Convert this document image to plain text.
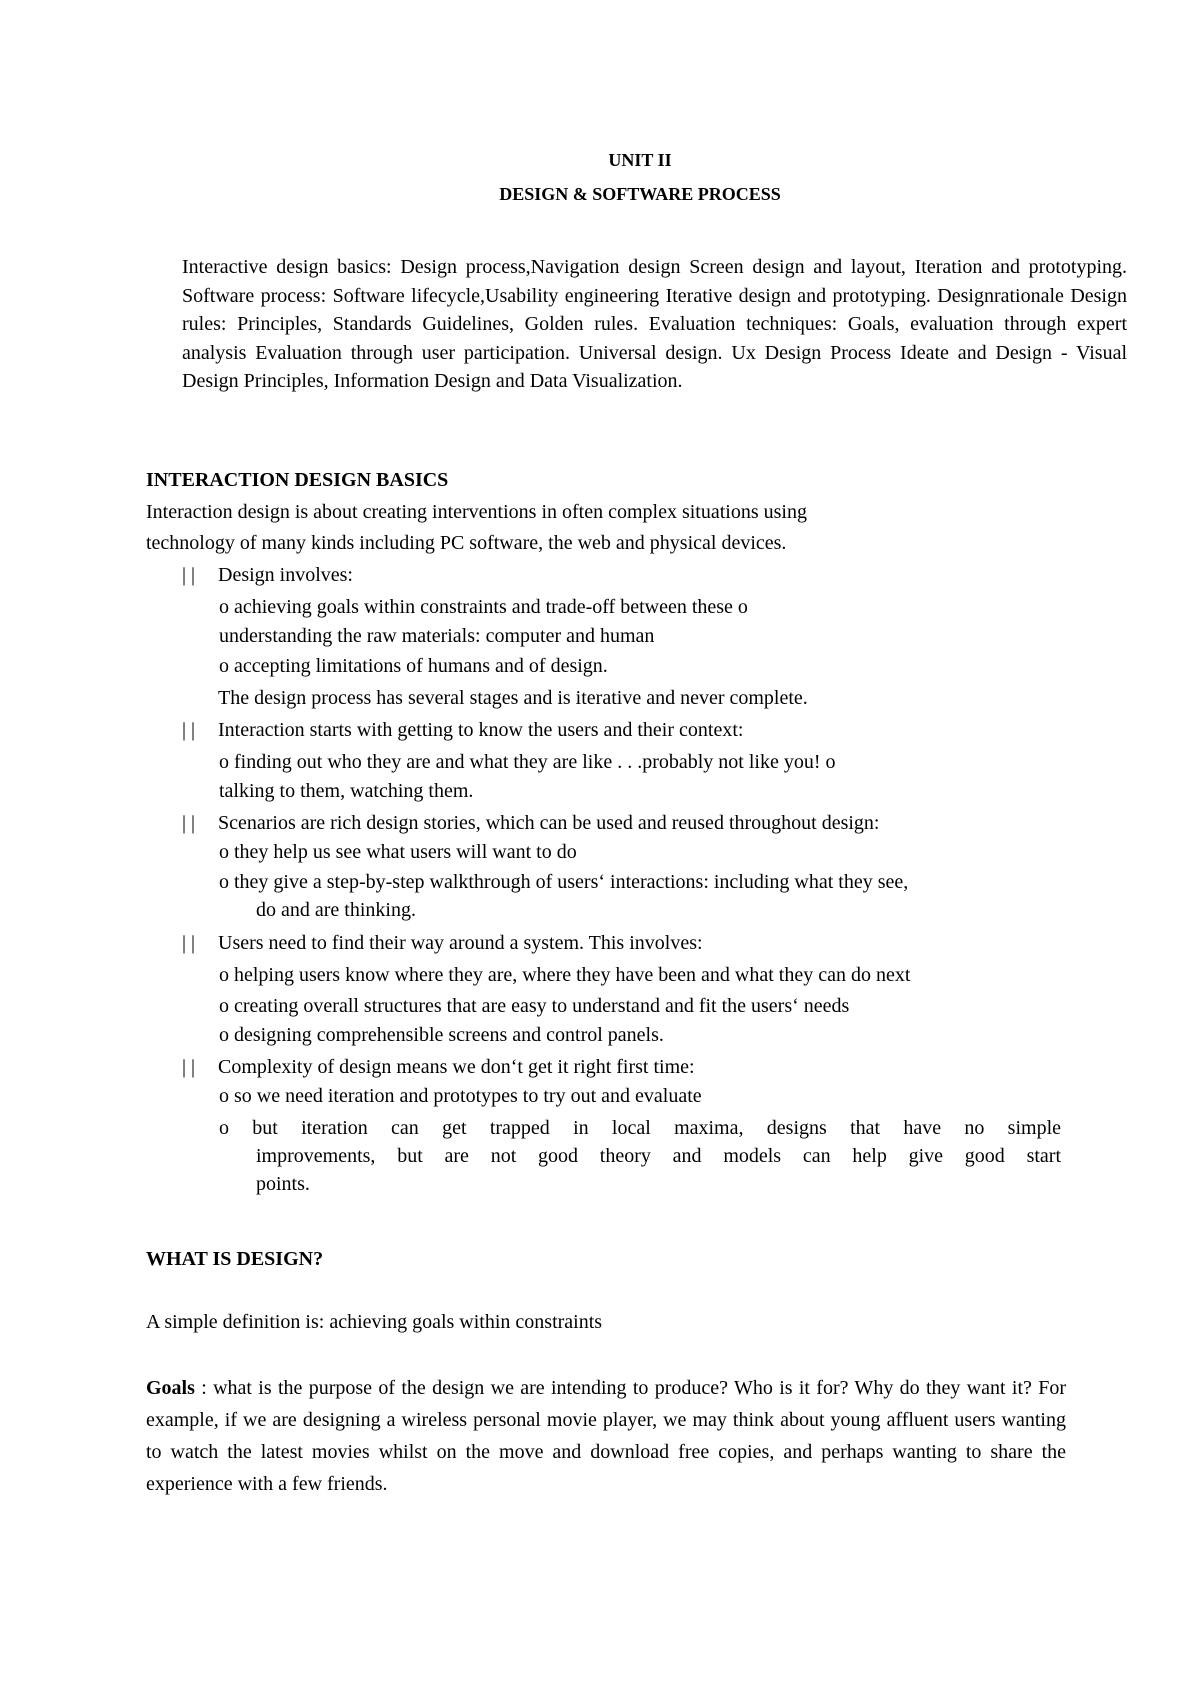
UNIT II
DESIGN & SOFTWARE PROCESS
Interactive design basics: Design process,Navigation design Screen design and layout, Iteration and prototyping. Software process: Software lifecycle,Usability engineering Iterative design and prototyping. Designrationale Design rules: Principles, Standards Guidelines, Golden rules. Evaluation techniques: Goals, evaluation through expert analysis Evaluation through user participation. Universal design. Ux Design Process Ideate and Design - Visual Design Principles, Information Design and Data Visualization.
INTERACTION DESIGN BASICS
Interaction design is about creating interventions in often complex situations using
technology of many kinds including PC software, the web and physical devices.
| | Design involves:
o achieving goals within constraints and trade-off between these o
understanding the raw materials: computer and human
o accepting limitations of humans and of design.
The design process has several stages and is iterative and never complete.
| | Interaction starts with getting to know the users and their context:
o finding out who they are and what they are like . . .probably not like you! o
talking to them, watching them.
| | Scenarios are rich design stories, which can be used and reused throughout design:
o they help us see what users will want to do
o they give a step-by-step walkthrough of users‘ interactions: including what they see,
do and are thinking.
| | Users need to find their way around a system. This involves:
o helping users know where they are, where they have been and what they can do next
o creating overall structures that are easy to understand and fit the users‘ needs
o designing comprehensible screens and control panels.
| | Complexity of design means we don‘t get it right first time:
o so we need iteration and prototypes to try out and evaluate
o but iteration can get trapped in local maxima, designs that have no simple
improvements, but are not good theory and models can help give good start
points.
WHAT IS DESIGN?
A simple definition is: achieving goals within constraints
Goals : what is the purpose of the design we are intending to produce? Who is it for? Why do they want it? For example, if we are designing a wireless personal movie player, we may think about young affluent users wanting to watch the latest movies whilst on the move and download free copies, and perhaps wanting to share the experience with a few friends.
